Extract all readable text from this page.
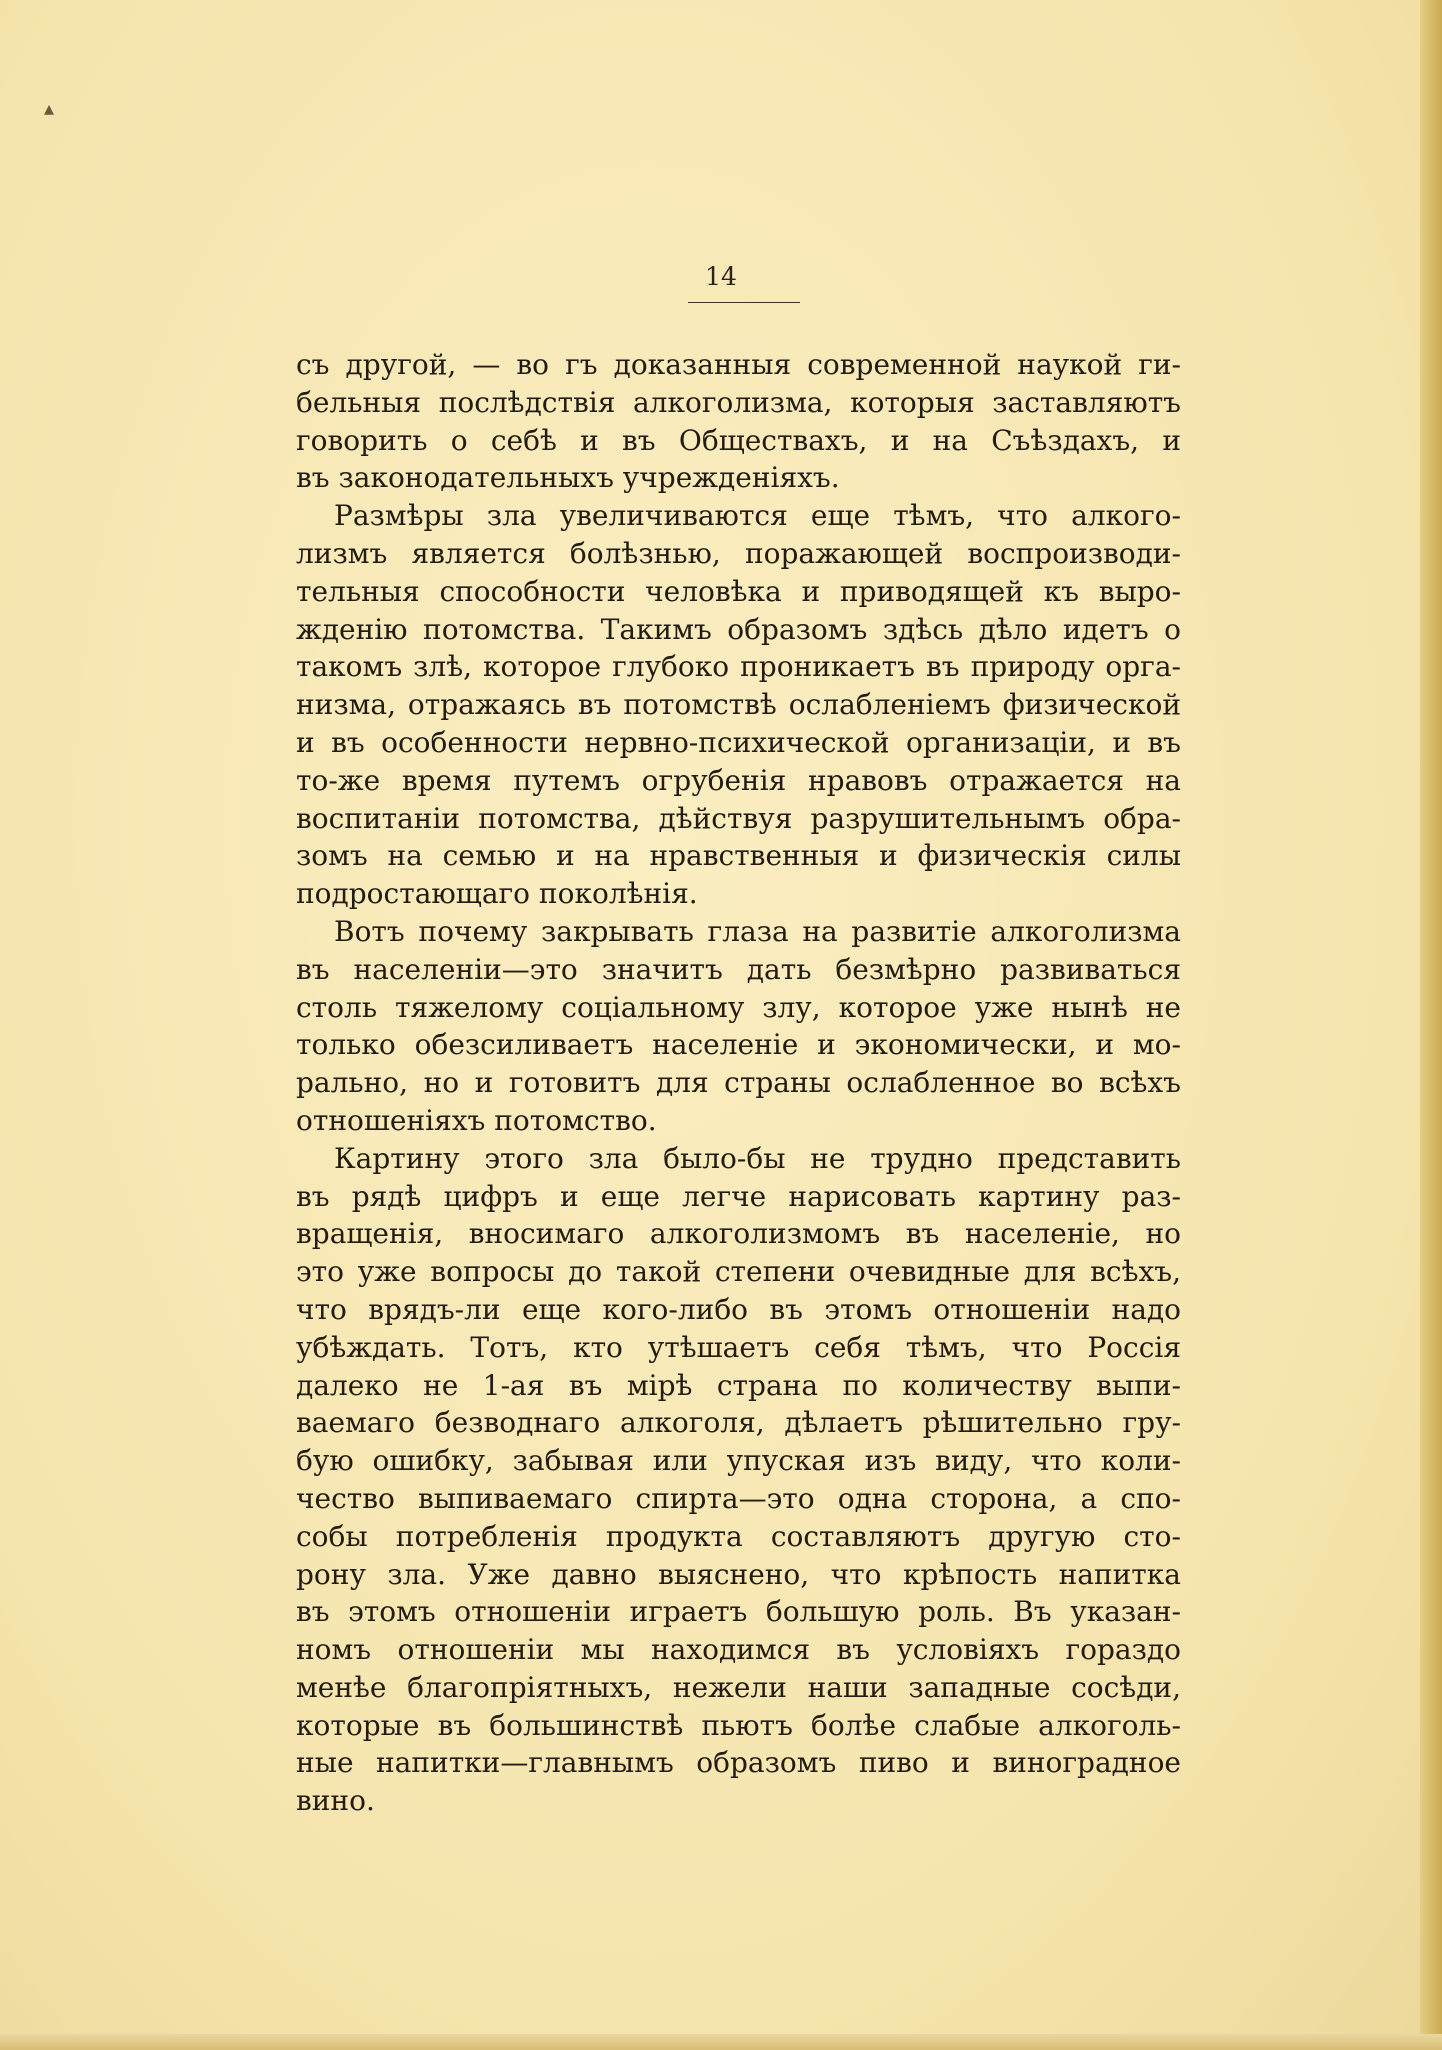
▴
14
съ другой, — во гъ доказанныя современной наукой ги-
бельныя послѣдствія алкоголизма, которыя заставляютъ
говорить о себѣ и въ Обществахъ, и на Съѣздахъ, и
въ законодательныхъ учрежденіяхъ.
Размѣры зла увеличиваются еще тѣмъ, что алкого-
лизмъ является болѣзнью, поражающей воспроизводи-
тельныя способности человѣка и приводящей къ выро-
жденію потомства. Такимъ образомъ здѣсь дѣло идетъ о
такомъ злѣ, которое глубоко проникаетъ въ природу орга-
низма, отражаясь въ потомствѣ ослабленіемъ физической
и въ особенности нервно-психической организаціи, и въ
то-же время путемъ огрубенія нравовъ отражается на
воспитаніи потомства, дѣйствуя разрушительнымъ обра-
зомъ на семью и на нравственныя и физическія силы
подростающаго поколѣнія.
Вотъ почему закрывать глаза на развитіе алкоголизма
въ населеніи—это значитъ дать безмѣрно развиваться
столь тяжелому соціальному злу, которое уже нынѣ не
только обезсиливаетъ населеніе и экономически, и мо-
рально, но и готовитъ для страны ослабленное во всѣхъ
отношеніяхъ потомство.
Картину этого зла было-бы не трудно представить
въ рядѣ цифръ и еще легче нарисовать картину раз-
вращенія, вносимаго алкоголизмомъ въ населеніе, но
это уже вопросы до такой степени очевидные для всѣхъ,
что врядъ-ли еще кого-либо въ этомъ отношеніи надо
убѣждать. Тотъ, кто утѣшаетъ себя тѣмъ, что Россія
далеко не 1-ая въ мірѣ страна по количеству выпи-
ваемаго безводнаго алкоголя, дѣлаетъ рѣшительно гру-
бую ошибку, забывая или упуская изъ виду, что коли-
чество выпиваемаго спирта—это одна сторона, а спо-
собы потребленія продукта составляютъ другую сто-
рону зла. Уже давно выяснено, что крѣпость напитка
въ этомъ отношеніи играетъ большую роль. Въ указан-
номъ отношеніи мы находимся въ условіяхъ гораздо
менѣе благопріятныхъ, нежели наши западные сосѣди,
которые въ большинствѣ пьютъ болѣе слабые алкоголь-
ные напитки—главнымъ образомъ пиво и виноградное
вино.
